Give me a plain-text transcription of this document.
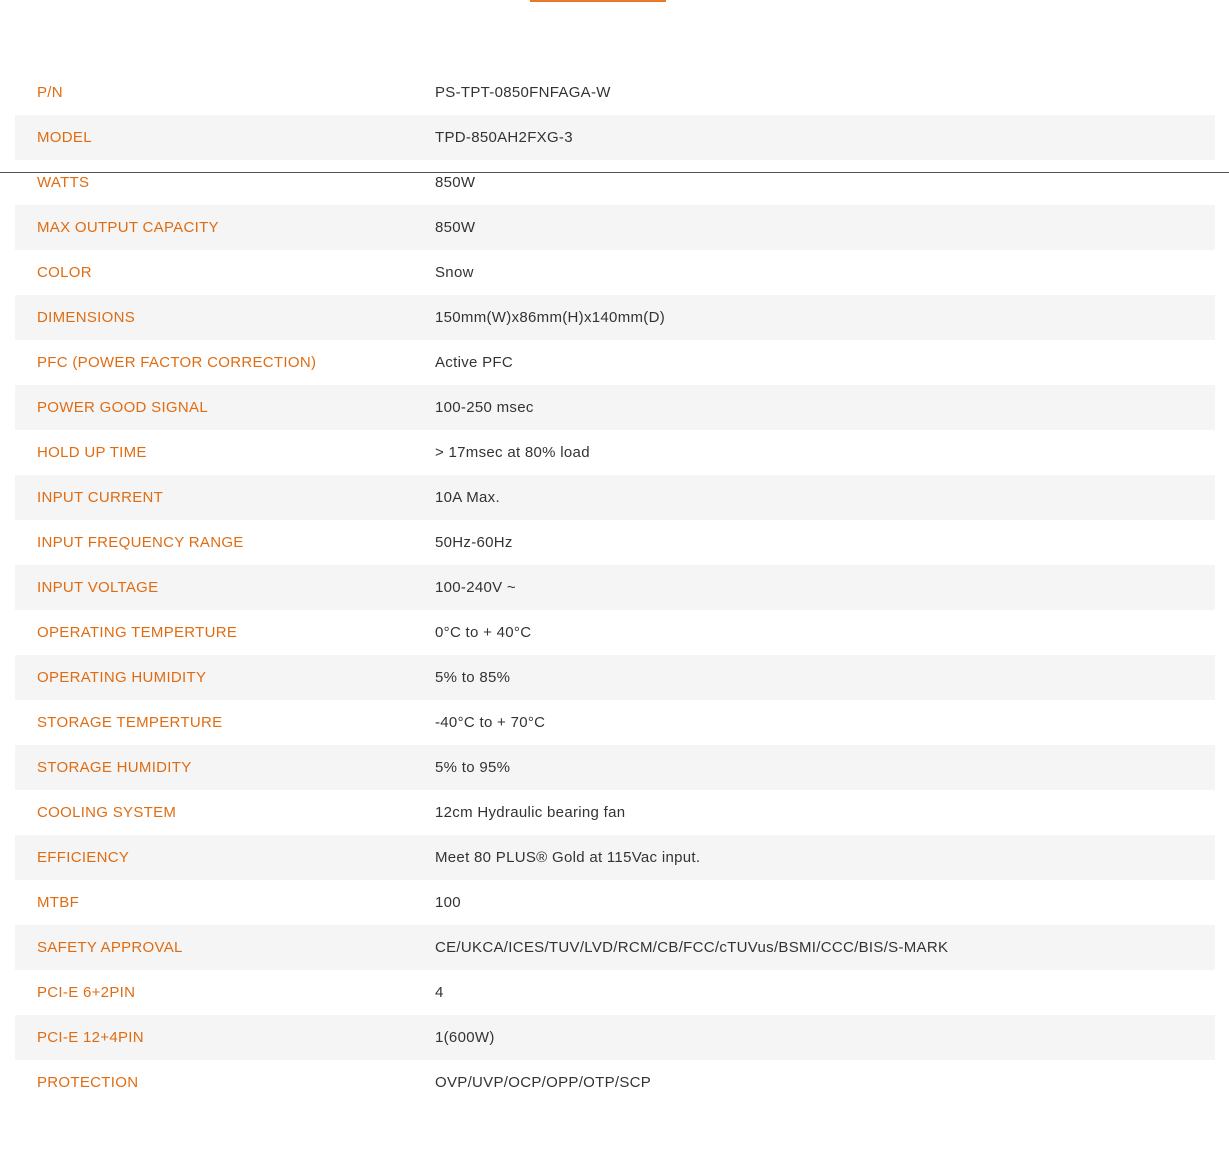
P/N	PS-TPT-0850FNFAGA-W
MODEL	TPD-850AH2FXG-3
WATTS	850W
MAX OUTPUT CAPACITY	850W
COLOR	Snow
DIMENSIONS	150mm(W)x86mm(H)x140mm(D)
PFC (POWER FACTOR CORRECTION)	Active PFC
POWER GOOD SIGNAL	100-250 msec
HOLD UP TIME	> 17msec at 80% load
INPUT CURRENT	10A Max.
INPUT FREQUENCY RANGE	50Hz-60Hz
INPUT VOLTAGE	100-240V ~
OPERATING TEMPERTURE	0°C to + 40°C
OPERATING HUMIDITY	5% to 85%
STORAGE TEMPERTURE	-40°C to + 70°C
STORAGE HUMIDITY	5% to 95%
COOLING SYSTEM	12cm Hydraulic bearing fan
EFFICIENCY	Meet 80 PLUS® Gold at 115Vac input.
MTBF	100
SAFETY APPROVAL	CE/UKCA/ICES/TUV/LVD/RCM/CB/FCC/cTUVus/BSMI/CCC/BIS/S-MARK
PCI-E 6+2PIN	4
PCI-E 12+4PIN	1(600W)
PROTECTION	OVP/UVP/OCP/OPP/OTP/SCP
